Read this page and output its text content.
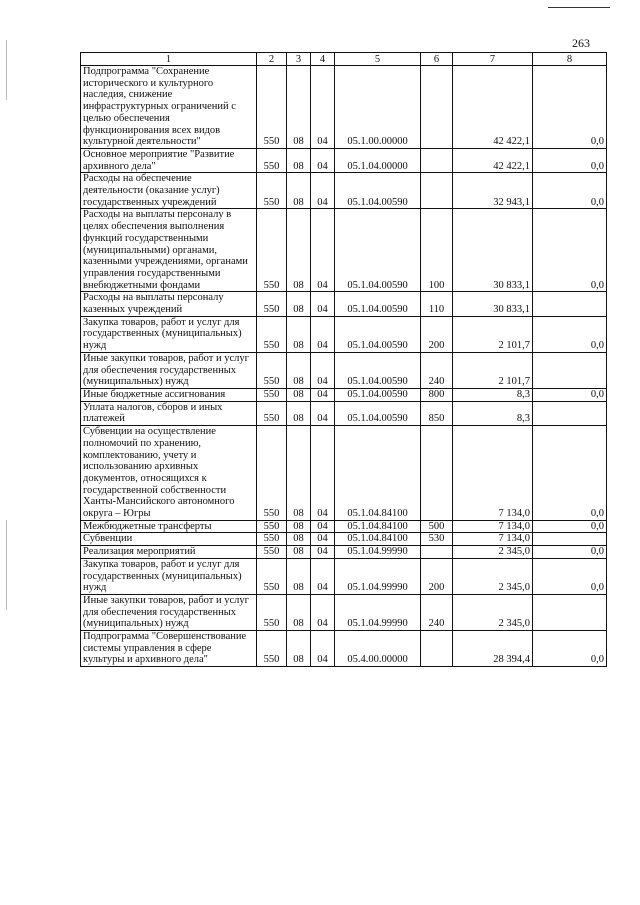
263
1	2	3	4	5	6	7	8
Подпрограмма "Сохранение исторического и культурного наследия, снижение инфраструктурных ограничений с целью обеспечения функционирования всех видов культурной деятельности"	550	08	04	05.1.00.00000		42 422,1	0,0
Основное мероприятие "Развитие архивного дела"	550	08	04	05.1.04.00000		42 422,1	0,0
Расходы на обеспечение деятельности (оказание услуг) государственных учреждений	550	08	04	05.1.04.00590		32 943,1	0,0
Расходы на выплаты персоналу в целях обеспечения выполнения функций государственными (муниципальными) органами, казенными учреждениями, органами управления государственными внебюджетными фондами	550	08	04	05.1.04.00590	100	30 833,1	0,0
Расходы на выплаты персоналу казенных учреждений	550	08	04	05.1.04.00590	110	30 833,1	
Закупка товаров, работ и услуг для государственных (муниципальных) нужд	550	08	04	05.1.04.00590	200	2 101,7	0,0
Иные закупки товаров, работ и услуг для обеспечения государственных (муниципальных) нужд	550	08	04	05.1.04.00590	240	2 101,7	
Иные бюджетные ассигнования	550	08	04	05.1.04.00590	800	8,3	0,0
Уплата налогов, сборов и иных платежей	550	08	04	05.1.04.00590	850	8,3	
Субвенции на осуществление полномочий по хранению, комплектованию, учету и использованию архивных документов, относящихся к государственной собственности Ханты-Мансийского автономного округа – Югры	550	08	04	05.1.04.84100		7 134,0	0,0
Межбюджетные трансферты	550	08	04	05.1.04.84100	500	7 134,0	0,0
Субвенции	550	08	04	05.1.04.84100	530	7 134,0	
Реализация мероприятий	550	08	04	05.1.04.99990		2 345,0	0,0
Закупка товаров, работ и услуг для государственных (муниципальных) нужд	550	08	04	05.1.04.99990	200	2 345,0	0,0
Иные закупки товаров, работ и услуг для обеспечения государственных (муниципальных) нужд	550	08	04	05.1.04.99990	240	2 345,0	
Подпрограмма "Совершенствование системы управления в сфере культуры и архивного дела"	550	08	04	05.4.00.00000		28 394,4	0,0
